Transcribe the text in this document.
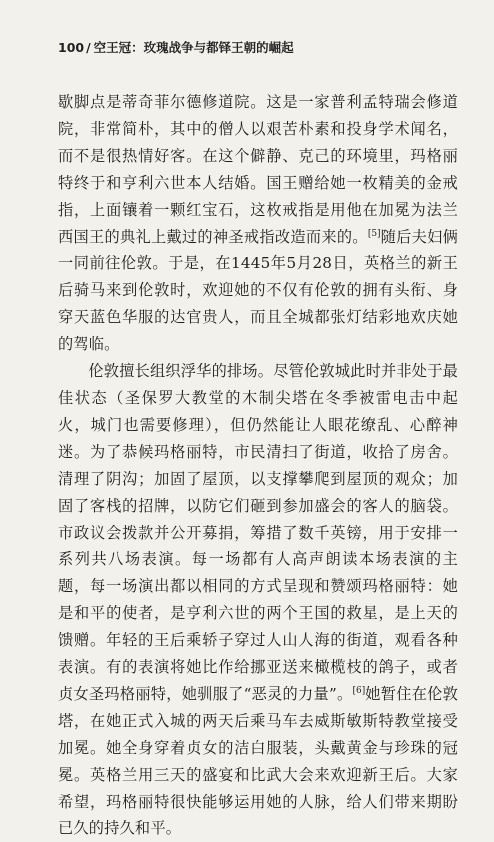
100 / 空王冠：玫瑰战争与都铎王朝的崛起

歇脚点是蒂奇菲尔德修道院。这是一家普利孟特瑞会修道院，非常简朴，其中的僧人以艰苦朴素和投身学术闻名，而不是很热情好客。在这个僻静、克己的环境里，玛格丽特终于和亨利六世本人结婚。国王赠给她一枚精美的金戒指，上面镶着一颗红宝石，这枚戒指是用他在加冕为法兰西国王的典礼上戴过的神圣戒指改造而来的。[5]随后夫妇俩一同前往伦敦。于是，在1445年5月28日，英格兰的新王后骑马来到伦敦时，欢迎她的不仅有伦敦的拥有头衔、身穿天蓝色华服的达官贵人，而且全城都张灯结彩地欢庆她的驾临。

伦敦擅长组织浮华的排场。尽管伦敦城此时并非处于最佳状态（圣保罗大教堂的木制尖塔在冬季被雷电击中起火，城门也需要修理），但仍然能让人眼花缭乱、心醉神迷。为了恭候玛格丽特，市民清扫了街道，收拾了房舍。清理了阴沟；加固了屋顶，以支撑攀爬到屋顶的观众；加固了客栈的招牌，以防它们砸到参加盛会的客人的脑袋。市政议会拨款并公开募捐，筹措了数千英镑，用于安排一系列共八场表演。每一场都有人高声朗读本场表演的主题，每一场演出都以相同的方式呈现和赞颂玛格丽特：她是和平的使者，是亨利六世的两个王国的救星，是上天的馈赠。年轻的王后乘轿子穿过人山人海的街道，观看各种表演。有的表演将她比作给挪亚送来橄榄枝的鸽子，或者贞女圣玛格丽特，她驯服了“恶灵的力量”。[6]她暂住在伦敦塔，在她正式入城的两天后乘马车去威斯敏斯特教堂接受加冕。她全身穿着贞女的洁白服装，头戴黄金与珍珠的冠冕。英格兰用三天的盛宴和比武大会来欢迎新王后。大家希望，玛格丽特很快能够运用她的人脉，给人们带来期盼已久的持久和平。
